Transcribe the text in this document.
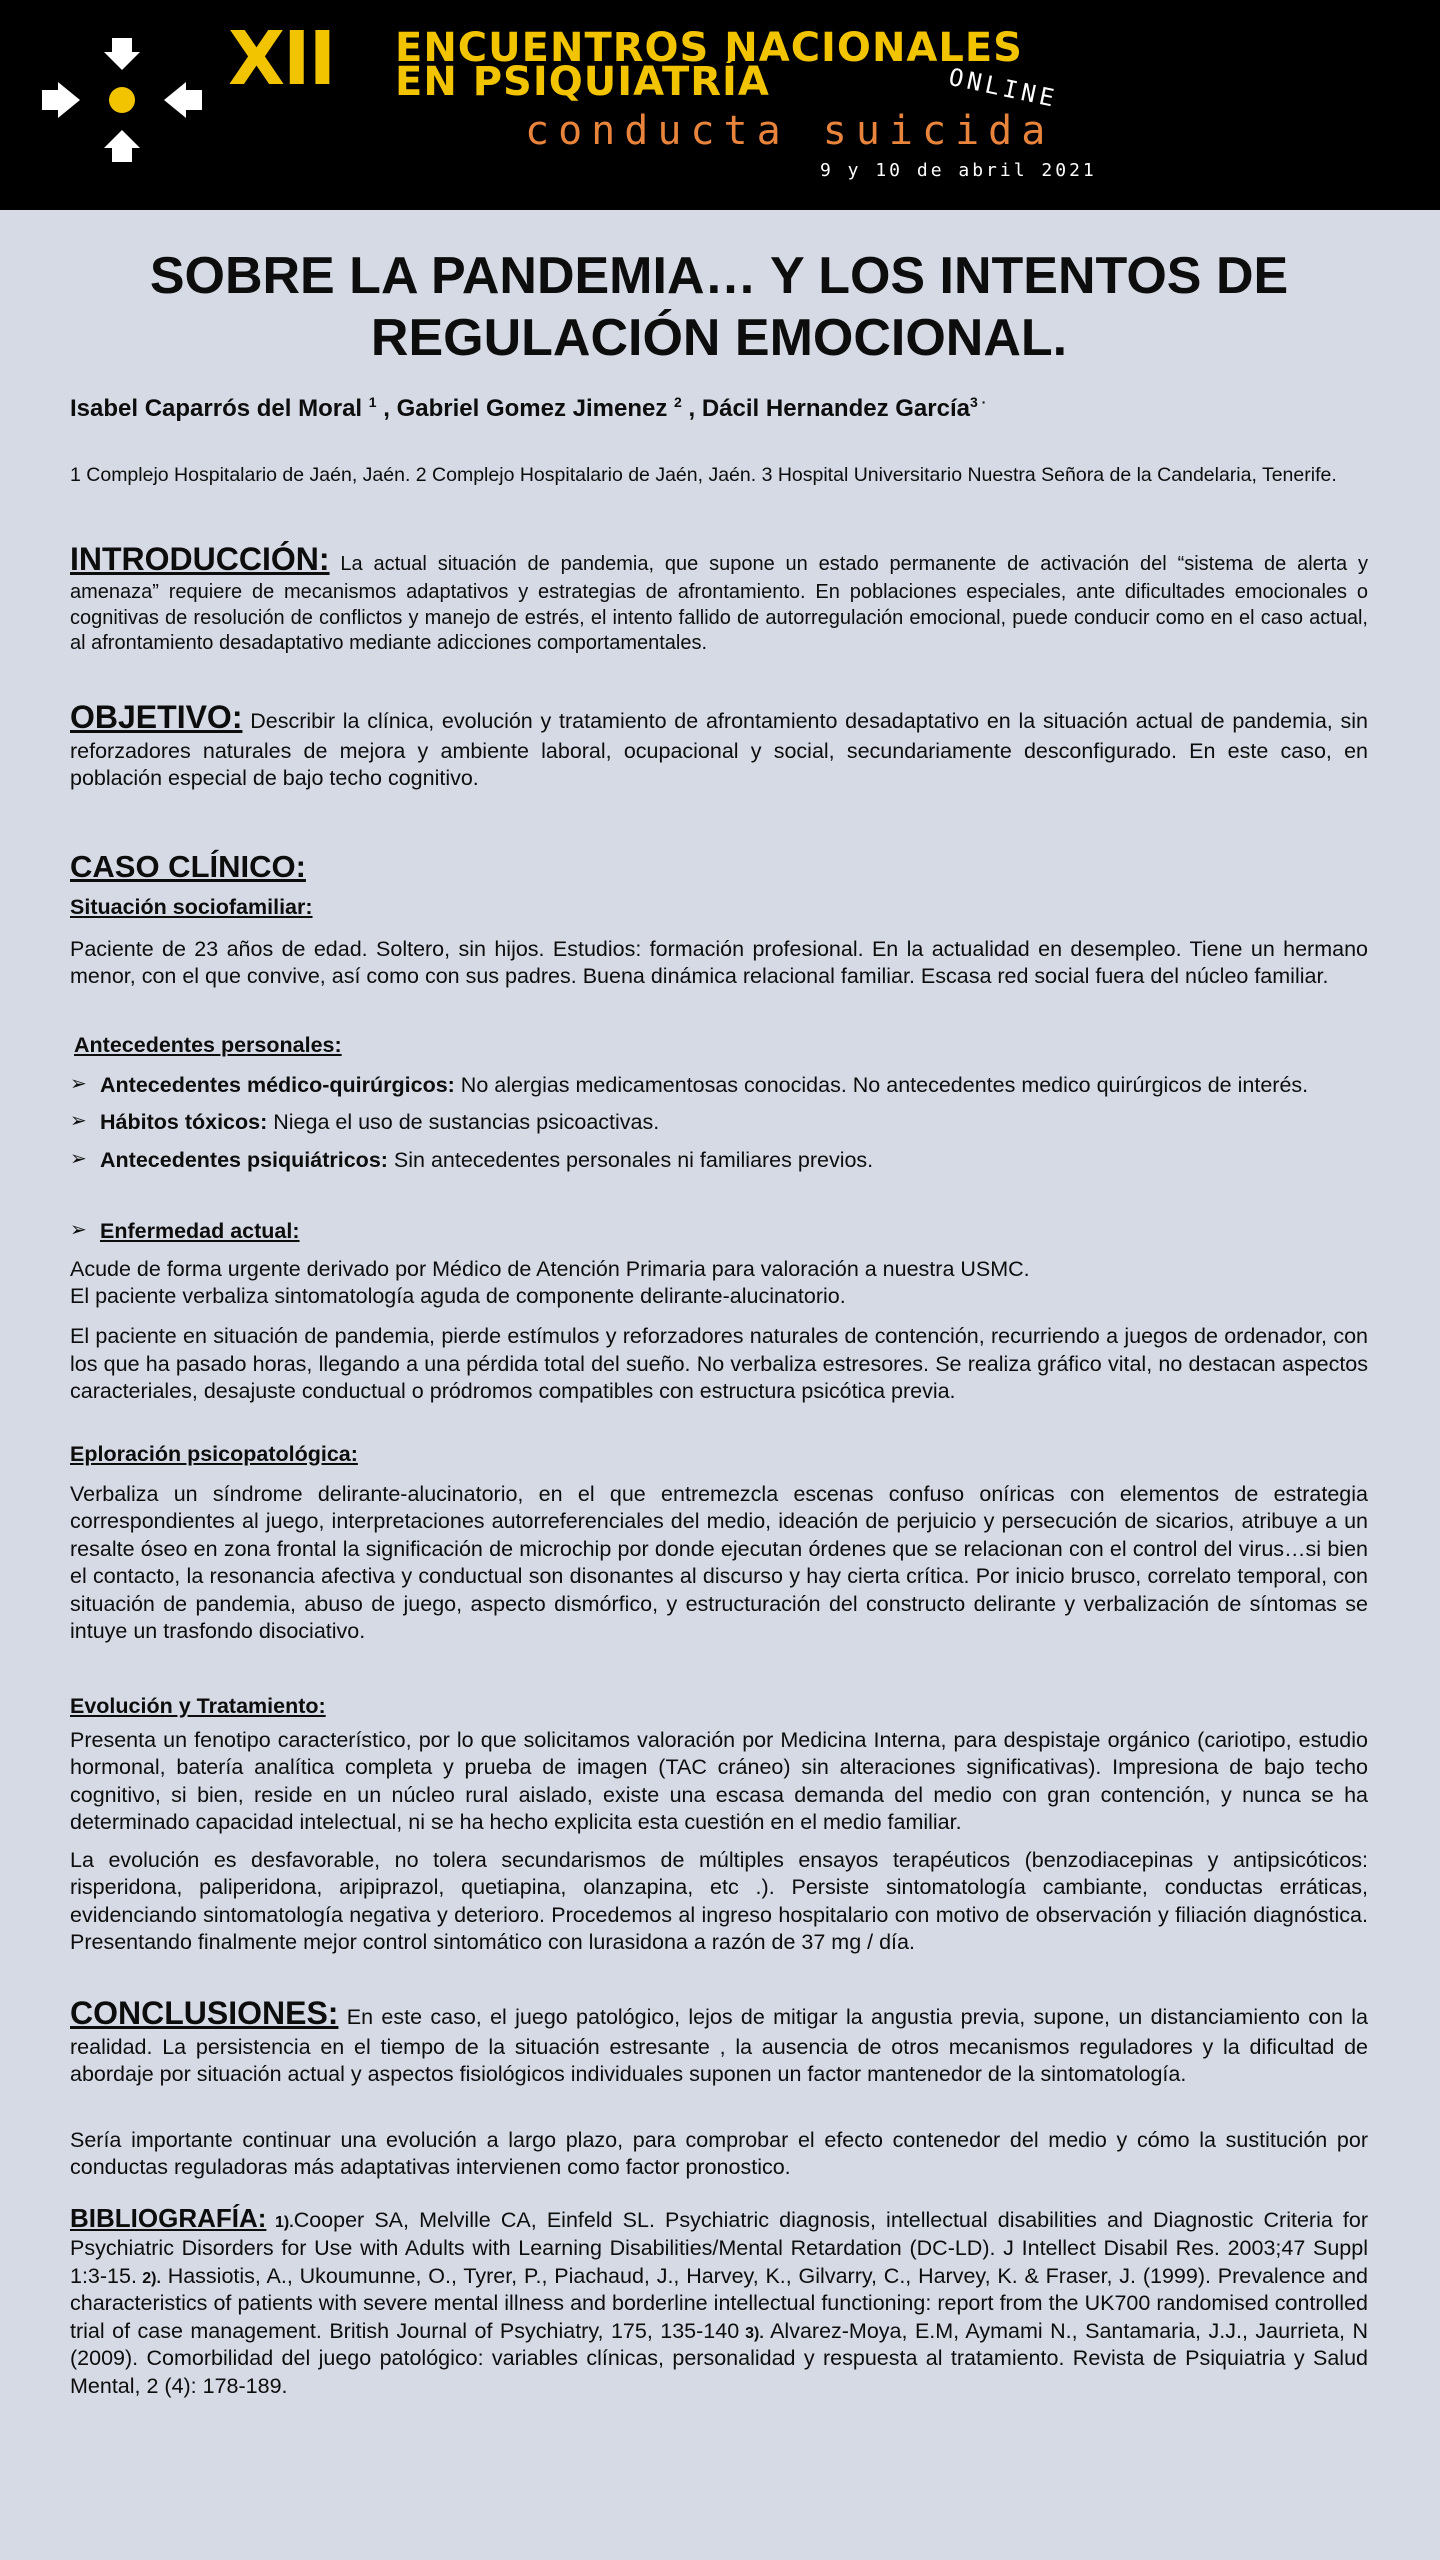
XII ENCUENTROS NACIONALES
EN PSIQUIATRÍA	ONLINE
conducta suicida
9 y 10 de abril 2021
SOBRE LA PANDEMIA… Y LOS INTENTOS DE REGULACIÓN EMOCIONAL.
Isabel Caparrós del Moral $^1$ , Gabriel Gomez Jimenez $^2$ , Dácil Hernandez García$^{3 \cdot}$
1 Complejo Hospitalario de Jaén, Jaén. 2 Complejo Hospitalario de Jaén, Jaén. 3 Hospital Universitario Nuestra Señora de la Candelaria, Tenerife.
INTRODUCCIÓN: La actual situación de pandemia, que supone un estado permanente de activación del “sistema de alerta y amenaza” requiere de mecanismos adaptativos y estrategias de afrontamiento. En poblaciones especiales, ante dificultades emocionales o cognitivas de resolución de conflictos y manejo de estrés, el intento fallido de autorregulación emocional, puede conducir como en el caso actual, al afrontamiento desadaptativo mediante adicciones comportamentales.
OBJETIVO: Describir la clínica, evolución y tratamiento de afrontamiento desadaptativo en la situación actual de pandemia, sin reforzadores naturales de mejora y ambiente laboral, ocupacional y social, secundariamente desconfigurado. En este caso, en población especial de bajo techo cognitivo.
CASO CLÍNICO:
Situación sociofamiliar:
Paciente de 23 años de edad. Soltero, sin hijos. Estudios: formación profesional. En la actualidad en desempleo. Tiene un hermano menor, con el que convive, así como con sus padres. Buena dinámica relacional familiar. Escasa red social fuera del núcleo familiar.
Antecedentes personales:
➢ Antecedentes médico-quirúrgicos: No alergias medicamentosas conocidas. No antecedentes medico quirúrgicos de interés.
➢ Hábitos tóxicos: Niega el uso de sustancias psicoactivas.
➢ Antecedentes psiquiátricos: Sin antecedentes personales ni familiares previos.
➢ Enfermedad actual:
Acude de forma urgente derivado por Médico de Atención Primaria para valoración a nuestra USMC.
El paciente verbaliza sintomatología aguda de componente delirante-alucinatorio.
El paciente en situación de pandemia, pierde estímulos y reforzadores naturales de contención, recurriendo a juegos de ordenador, con los que ha pasado horas, llegando a una pérdida total del sueño. No verbaliza estresores. Se realiza gráfico vital, no destacan aspectos caracteriales, desajuste conductual o pródromos compatibles con estructura psicótica previa.
Eploración psicopatológica:
Verbaliza un síndrome delirante-alucinatorio, en el que entremezcla escenas confuso oníricas con elementos de estrategia correspondientes al juego, interpretaciones autorreferenciales del medio, ideación de perjuicio y persecución de sicarios, atribuye a un resalte óseo en zona frontal la significación de microchip por donde ejecutan órdenes que se relacionan con el control del virus…si bien el contacto, la resonancia afectiva y conductual son disonantes al discurso y hay cierta crítica. Por inicio brusco, correlato temporal, con situación de pandemia, abuso de juego, aspecto dismórfico, y estructuración del constructo delirante y verbalización de síntomas se intuye un trasfondo disociativo.
Evolución y Tratamiento:
Presenta un fenotipo característico, por lo que solicitamos valoración por Medicina Interna, para despistaje orgánico (cariotipo, estudio hormonal, batería analítica completa y prueba de imagen (TAC cráneo) sin alteraciones significativas). Impresiona de bajo techo cognitivo, si bien, reside en un núcleo rural aislado, existe una escasa demanda del medio con gran contención, y nunca se ha determinado capacidad intelectual, ni se ha hecho explicita esta cuestión en el medio familiar.
La evolución es desfavorable, no tolera secundarismos de múltiples ensayos terapéuticos (benzodiacepinas y antipsicóticos: risperidona, paliperidona, aripiprazol, quetiapina, olanzapina, etc .). Persiste sintomatología cambiante, conductas erráticas, evidenciando sintomatología negativa y deterioro. Procedemos al ingreso hospitalario con motivo de observación y filiación diagnóstica. Presentando finalmente mejor control sintomático con lurasidona a razón de 37 mg / día.
CONCLUSIONES: En este caso, el juego patológico, lejos de mitigar la angustia previa, supone, un distanciamiento con la realidad. La persistencia en el tiempo de la situación estresante , la ausencia de otros mecanismos reguladores y la dificultad de abordaje por situación actual y aspectos fisiológicos individuales suponen un factor mantenedor de la sintomatología.
Sería importante continuar una evolución a largo plazo, para comprobar el efecto contenedor del medio y cómo la sustitución por conductas reguladoras más adaptativas intervienen como factor pronostico.
BIBLIOGRAFÍA: 1).Cooper SA, Melville CA, Einfeld SL. Psychiatric diagnosis, intellectual disabilities and Diagnostic Criteria for Psychiatric Disorders for Use with Adults with Learning Disabilities/Mental Retardation (DC-LD). J Intellect Disabil Res. 2003;47 Suppl 1:3-15. 2). Hassiotis, A., Ukoumunne, O., Tyrer, P., Piachaud, J., Harvey, K., Gilvarry, C., Harvey, K. & Fraser, J. (1999). Prevalence and characteristics of patients with severe mental illness and borderline intellectual functioning: report from the UK700 randomised controlled trial of case management. British Journal of Psychiatry, 175, 135-140 3). Alvarez-Moya, E.M, Aymami N., Santamaria, J.J., Jaurrieta, N (2009). Comorbilidad del juego patológico: variables clínicas, personalidad y respuesta al tratamiento. Revista de Psiquiatria y Salud Mental, 2 (4): 178-189.
